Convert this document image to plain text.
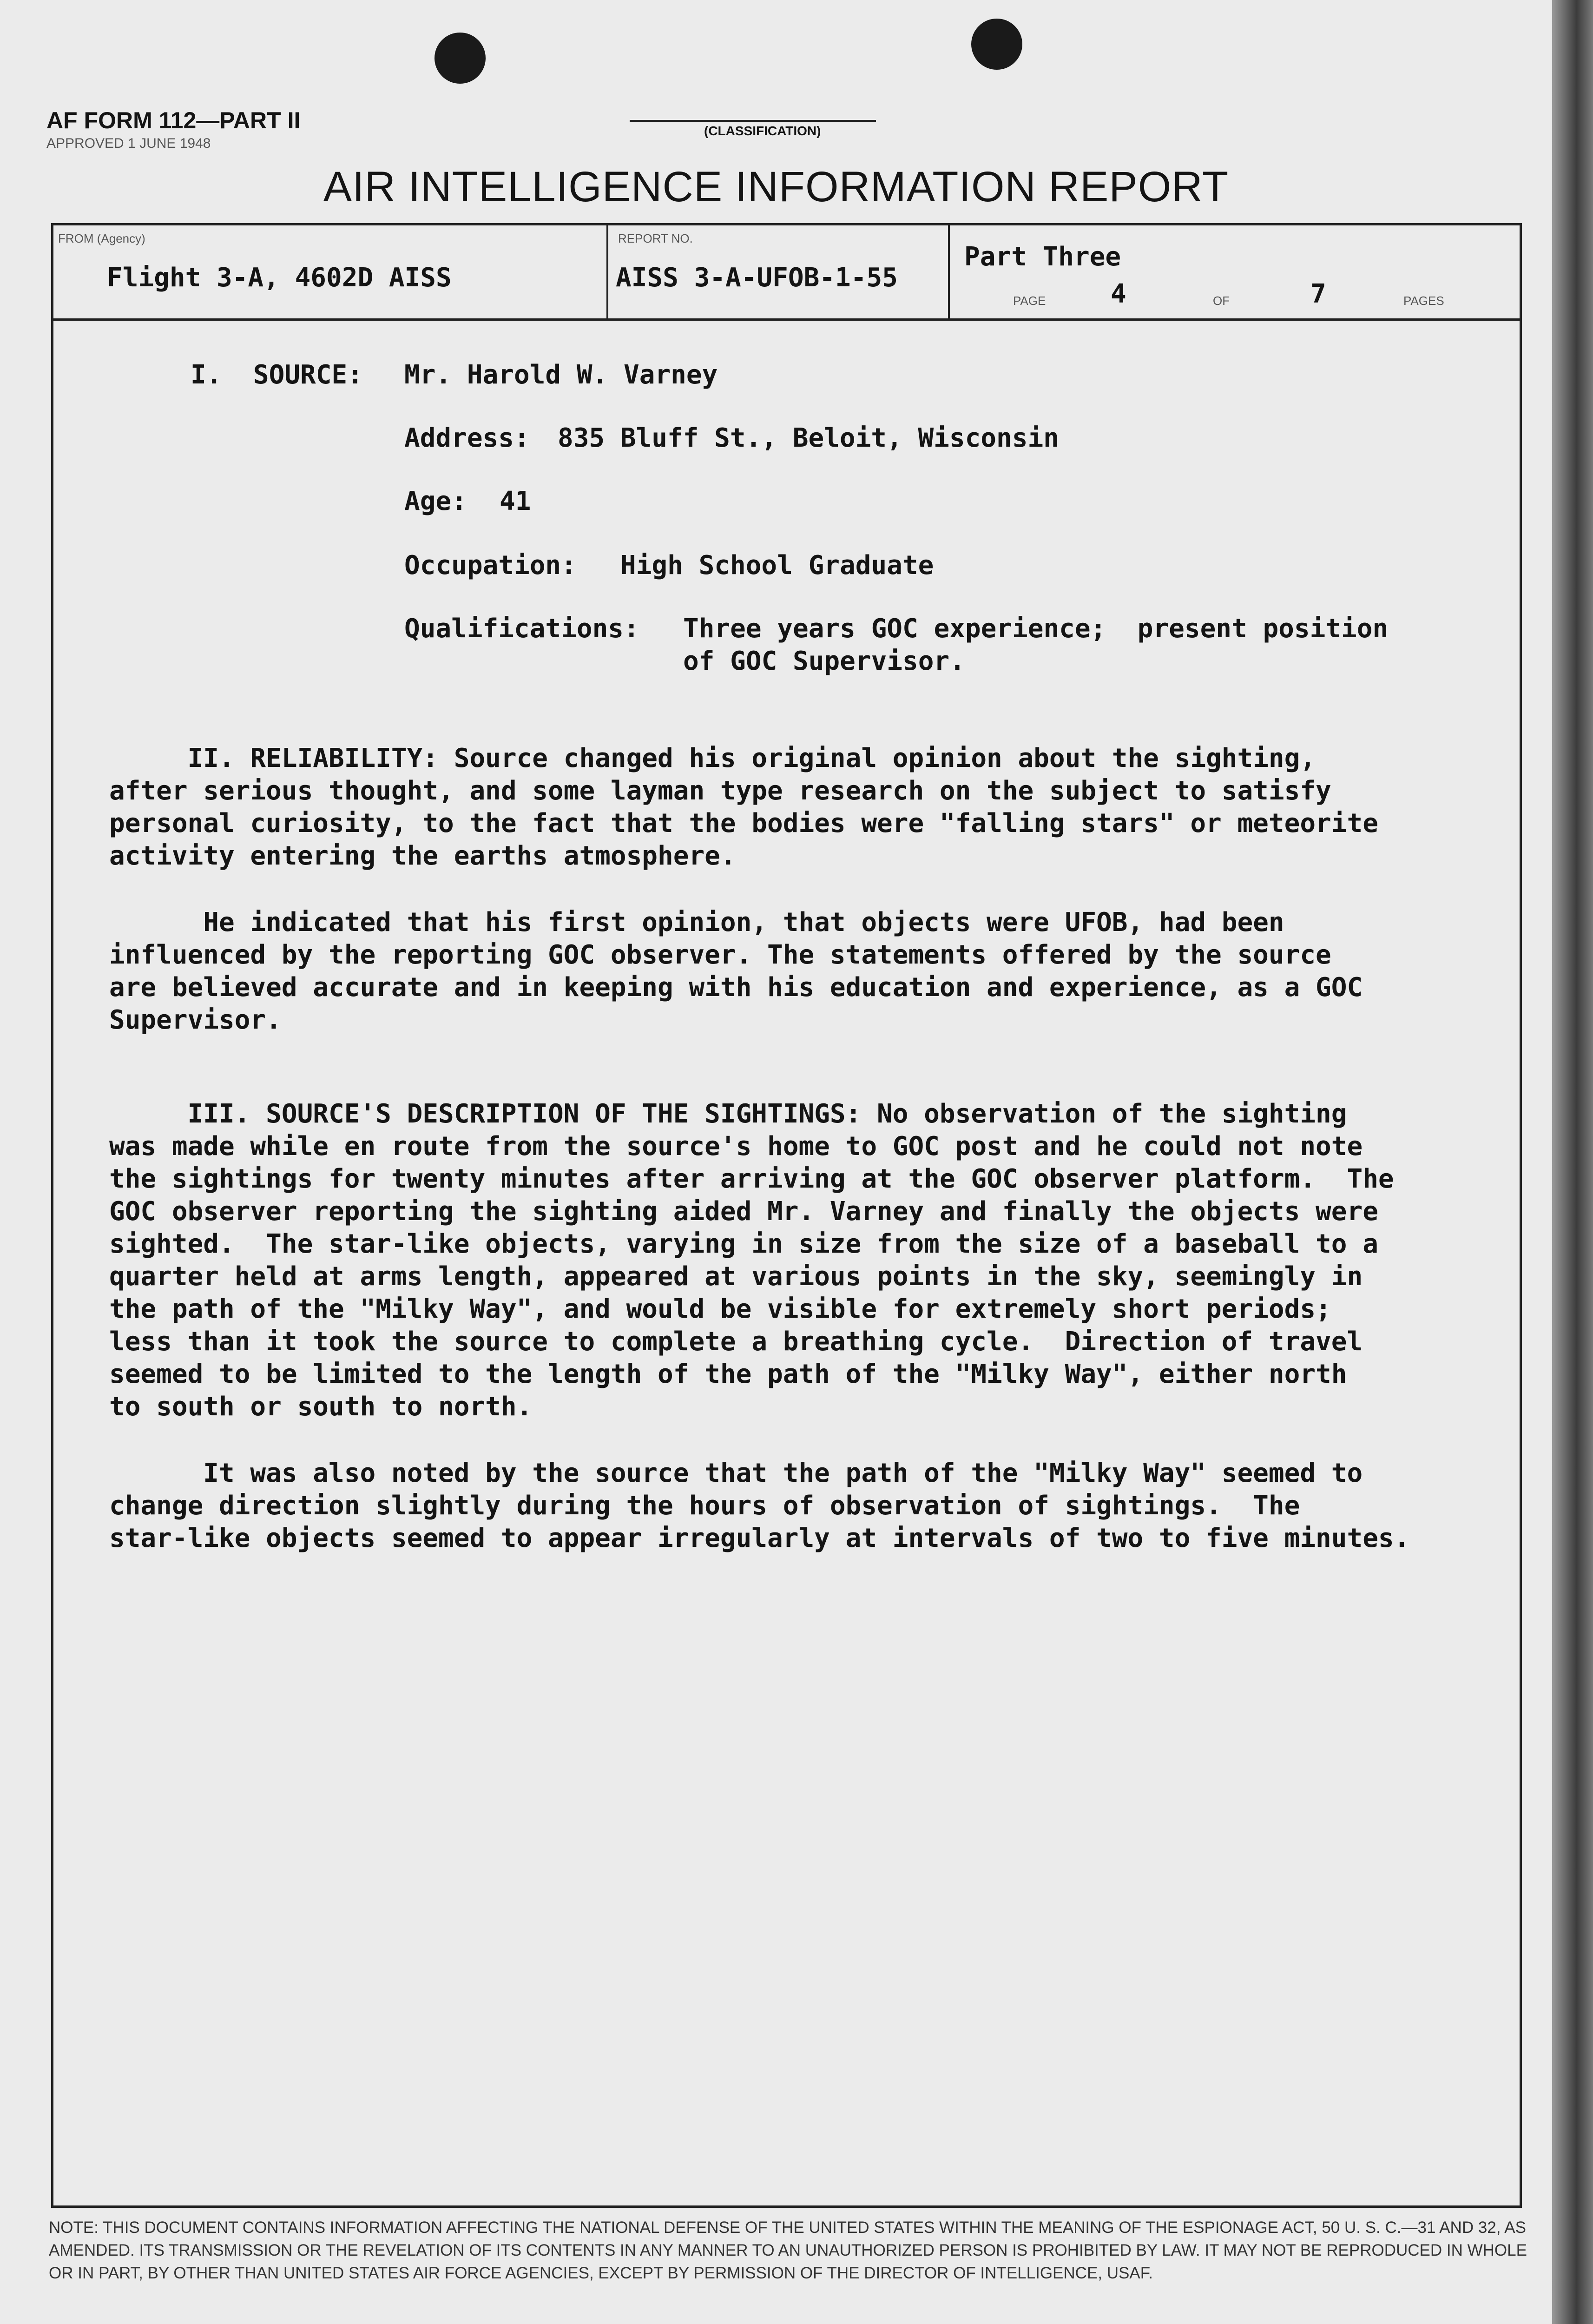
AF FORM 112—PART II
APPROVED 1 JUNE 1948
(CLASSIFICATION)
AIR INTELLIGENCE INFORMATION REPORT
FROM (Agency)
Flight 3-A, 4602D AISS
REPORT NO.
AISS 3-A-UFOB-1-55
Part Three
PAGE 4	OF	7	PAGES
I.  SOURCE: Mr. Harold W. Varney
Address: 835 Bluff St., Beloit, Wisconsin
Age: 41
Occupation: High School Graduate
Qualifications: Three years GOC experience;  present position
of GOC Supervisor.
II. RELIABILITY: Source changed his original opinion about the sighting,
after serious thought, and some layman type research on the subject to satisfy
personal curiosity, to the fact that the bodies were "falling stars" or meteorite
activity entering the earths atmosphere.
He indicated that his first opinion, that objects were UFOB, had been
influenced by the reporting GOC observer. The statements offered by the source
are believed accurate and in keeping with his education and experience, as a GOC
Supervisor.
III. SOURCE'S DESCRIPTION OF THE SIGHTINGS: No observation of the sighting
was made while en route from the source's home to GOC post and he could not note
the sightings for twenty minutes after arriving at the GOC observer platform.  The
GOC observer reporting the sighting aided Mr. Varney and finally the objects were
sighted.  The star-like objects, varying in size from the size of a baseball to a
quarter held at arms length, appeared at various points in the sky, seemingly in
the path of the "Milky Way", and would be visible for extremely short periods;
less than it took the source to complete a breathing cycle.  Direction of travel
seemed to be limited to the length of the path of the "Milky Way", either north
to south or south to north.
It was also noted by the source that the path of the "Milky Way" seemed to
change direction slightly during the hours of observation of sightings.  The
star-like objects seemed to appear irregularly at intervals of two to five minutes.
NOTE: THIS DOCUMENT CONTAINS INFORMATION AFFECTING THE NATIONAL DEFENSE OF THE UNITED STATES WITHIN THE MEANING OF THE ESPIONAGE ACT, 50 U. S. C.—31 AND 32, AS AMENDED. ITS TRANSMISSION OR THE REVELATION OF ITS CONTENTS IN ANY MANNER TO AN UNAUTHORIZED PERSON IS PROHIBITED BY LAW. IT MAY NOT BE REPRODUCED IN WHOLE OR IN PART, BY OTHER THAN UNITED STATES AIR FORCE AGENCIES, EXCEPT BY PERMISSION OF THE DIRECTOR OF INTELLIGENCE, USAF.
